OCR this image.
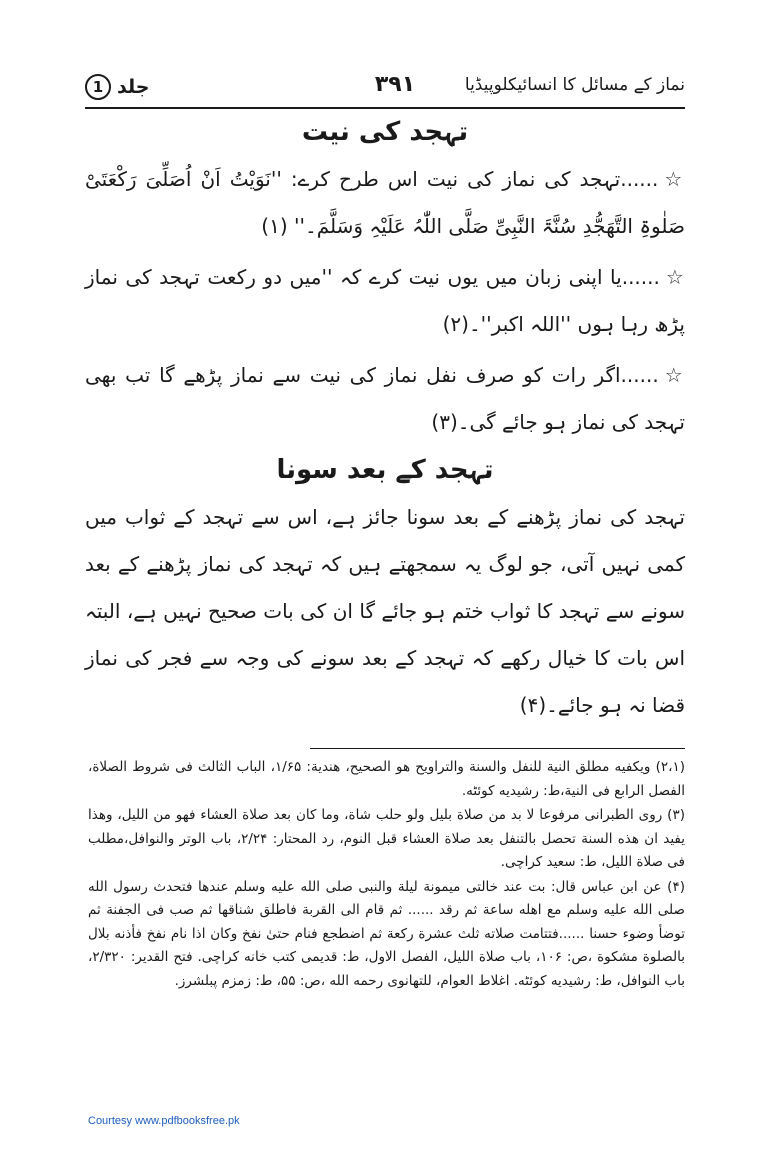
جلد
1	۳۹۱	نماز کے مسائل کا انسائیکلوپیڈیا
تہجد کی نیت

☆......تہجد کی نماز کی نیت اس طرح کرے: ''نَوَیْتُ اَنْ اُصَلِّیَ رَکْعَتَیْ صَلٰوۃِ التَّھَجُّدِ سُنَّۃَ النَّبِیِّ صَلَّی اللّٰہُ عَلَیْہِ وَسَلَّمَ۔'' (۱)

☆......یا اپنی زبان میں یوں نیت کرے کہ ''میں دو رکعت تہجد کی نماز پڑھ رہا ہوں ''اللہ اکبر''۔(۲)

☆......اگر رات کو صرف نفل نماز کی نیت سے نماز پڑھے گا تب بھی تہجد کی نماز ہو جائے گی۔(۳)

تہجد کے بعد سونا

تہجد کی نماز پڑھنے کے بعد سونا جائز ہے، اس سے تہجد کے ثواب میں کمی نہیں آتی، جو لوگ یہ سمجھتے ہیں کہ تہجد کی نماز پڑھنے کے بعد سونے سے تہجد کا ثواب ختم ہو جائے گا ان کی بات صحیح نہیں ہے، البتہ اس بات کا خیال رکھے کہ تہجد کے بعد سونے کی وجہ سے فجر کی نماز قضا نہ ہو جائے۔(۴)

(۲،۱) ویکفیه مطلق النیة للنفل والسنة والتراویح هو الصحیح، هندیة: ۱/۶۵، الباب الثالث فی شروط الصلاة، الفصل الرابع فی النیة،ط: رشیدیه کوئٹه.

(۳) روی الطبرانی مرفوعا لا بد من صلاة بلیل ولو حلب شاة، وما کان بعد صلاة العشاء فهو من اللیل، وهذا یفید ان هذه السنة تحصل بالتنفل بعد صلاة العشاء قبل النوم، رد المحتار: ۲/۲۴، باب الوتر والنوافل،مطلب فی صلاة اللیل، ط: سعید کراچی.

(۴) عن ابن عباس قال: بت عند خالتی میمونة لیلة والنبی صلی الله علیه وسلم عندها فتحدث رسول الله صلی الله علیه وسلم مع اهله ساعة ثم رقد ...... ثم قام الی القربة فاطلق شناقها ثم صب فی الجفنة ثم توضأ وضوء حسنا ......فتتامت صلاته ثلث عشرة رکعة ثم اضطجع فنام حتیٰ نفخ وکان اذا نام نفخ فأذنه بلال بالصلوة مشکوة ،ص: ۱۰۶، باب صلاة اللیل، الفصل الاول، ط: قدیمی کتب خانه کراچی. فتح القدیر: ۲/۳۲۰، باب النوافل، ط: رشیدیه کوئٹه. اغلاط العوام، للتهانوی رحمه الله ،ص: ۵۵، ط: زمزم پبلشرز.

Courtesy www.pdfbooksfree.pk
